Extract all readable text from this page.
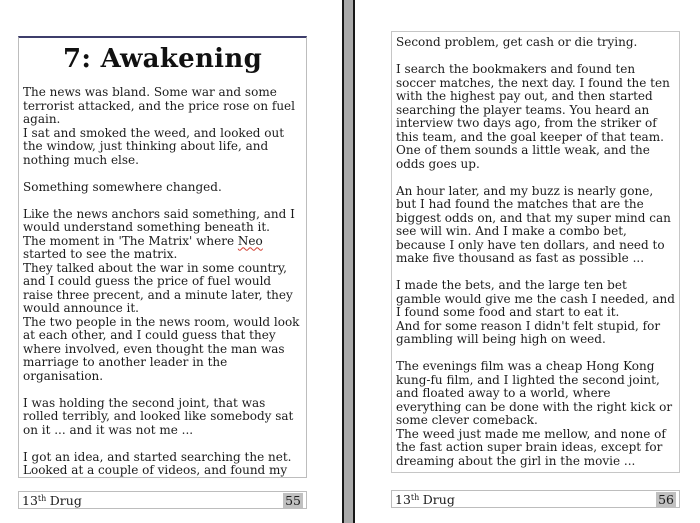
7: Awakening
The news was bland. Some war and some terrorist attacked, and the price rose on fuel again.
I sat and smoked the weed, and looked out the window, just thinking about life, and nothing much else.
Something somewhere changed.
Like the news anchors said something, and I would understand something beneath it.
The moment in 'The Matrix' where Neo started to see the matrix.
They talked about the war in some country, and I could guess the price of fuel would raise three precent, and a minute later, they would announce it.
The two people in the news room, would look at each other, and I could guess that they where involved, even thought the man was marriage to another leader in the organisation.
I was holding the second joint, that was rolled terribly, and looked like somebody sat on it ... and it was not me ...
I got an idea, and started searching the net. Looked at a couple of videos, and found my
13th Drug	55
Second problem, get cash or die trying.
I search the bookmakers and found ten soccer matches, the next day. I found the ten with the highest pay out, and then started searching the player teams. You heard an interview two days ago, from the striker of this team, and the goal keeper of that team. One of them sounds a little weak, and the odds goes up.
An hour later, and my buzz is nearly gone, but I had found the matches that are the biggest odds on, and that my super mind can see will win. And I make a combo bet, because I only have ten dollars, and need to make five thousand as fast as possible ...
I made the bets, and the large ten bet gamble would give me the cash I needed, and I found some food and start to eat it.
And for some reason I didn't felt stupid, for gambling will being high on weed.
The evenings film was a cheap Hong Kong kung-fu film, and I lighted the second joint, and floated away to a world, where everything can be done with the right kick or some clever comeback.
The weed just made me mellow, and none of the fast action super brain ideas, except for dreaming about the girl in the movie ...
13th Drug	56
